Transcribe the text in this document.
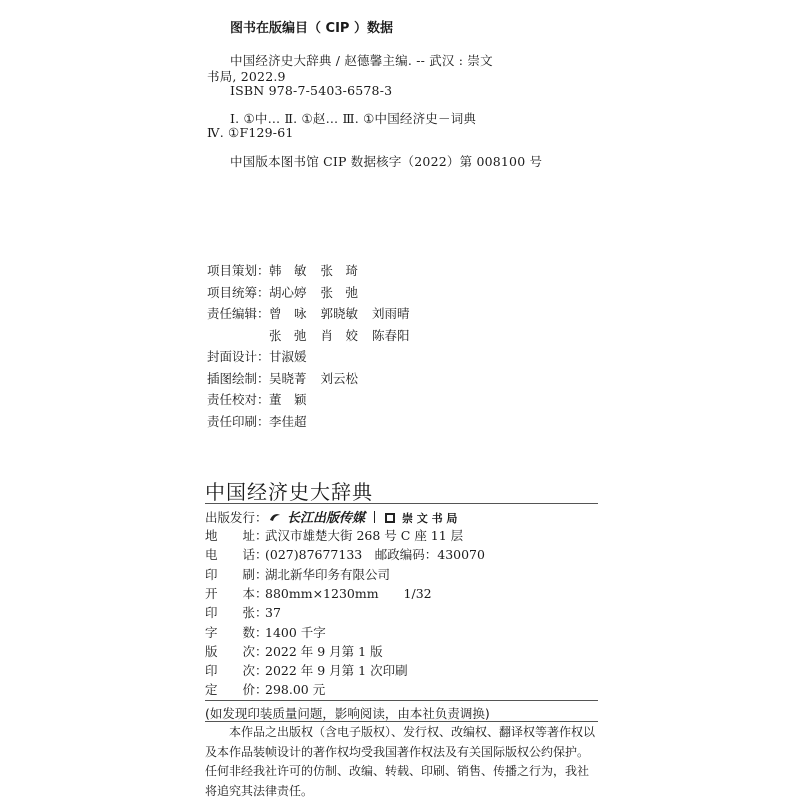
图书在版编目（ CIP ）数据
中国经济史大辞典 / 赵德馨主编. -- 武汉 : 崇文
书局, 2022.9
ISBN 978-7-5403-6578-3
Ⅰ. ①中… Ⅱ. ①赵… Ⅲ. ①中国经济史－词典
Ⅳ. ①F129-61
中国版本图书馆 CIP 数据核字（2022）第 008100 号
项目策划：韩　敏 张　琦
项目统筹：胡心婷 张　弛
责任编辑：曾　咏 郭晓敏 刘雨晴
张　弛 肖　姣 陈春阳
封面设计：甘淑媛
插图绘制：吴晓菁 刘云松
责任校对：董　颖
责任印刷：李佳超
中国经济史大辞典
出版发行： 长江出版传媒	崇 文 书 局
地　　址：武汉市雄楚大街 268 号 C 座 11 层
电　　话：(027)87677133　邮政编码：430070
印　　刷：湖北新华印务有限公司
开　　本：880mm×1230mm　　1/32
印　　张：37
字　　数：1400 千字
版　　次：2022 年 9 月第 1 版
印　　次：2022 年 9 月第 1 次印刷
定　　价：298.00 元
(如发现印装质量问题，影响阅读，由本社负责调换)
本作品之出版权（含电子版权）、发行权、改编权、翻译权等著作权以及本作品装帧设计的著作权均受我国著作权法及有关国际版权公约保护。任何非经我社许可的仿制、改编、转载、印刷、销售、传播之行为，我社将追究其法律责任。
